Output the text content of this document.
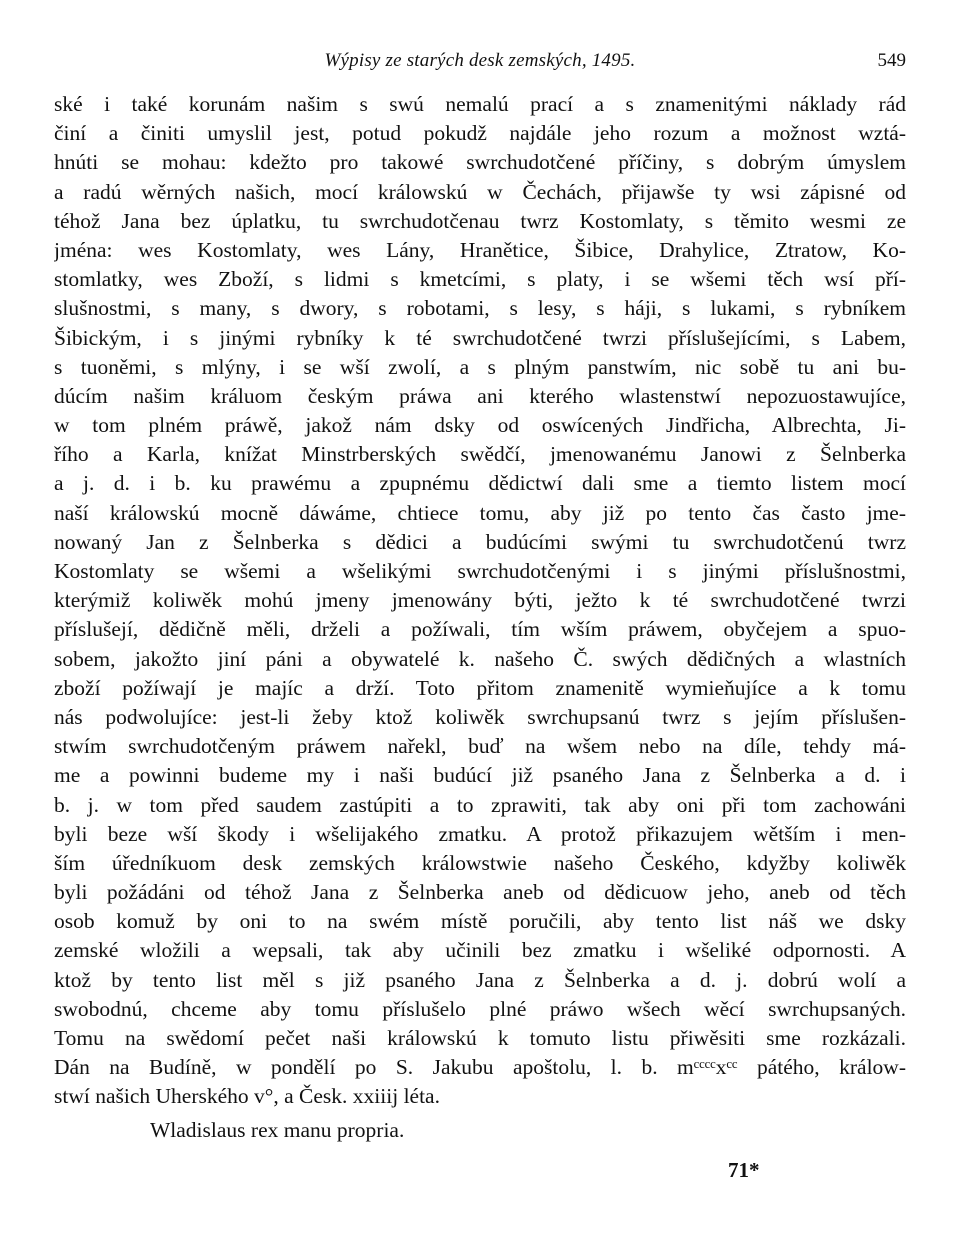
Wýpisy ze starých desk zemských, 1495.	549
ské i také korunám našim s swú nemalú prací a s znamenitými náklady rád
činí a činiti umyslil jest, potud pokudž najdále jeho rozum a možnost wztá-
hnúti se mohau: kdežto pro takowé swrchudotčené příčiny, s dobrým úmyslem
a radú wěrných našich, mocí králowskú w Čechách, přijawše ty wsi zápisné od
téhož Jana bez úplatku, tu swrchudotčenau twrz Kostomlaty, s těmito wesmi ze
jména: wes Kostomlaty, wes Lány, Hranětice, Šibice, Drahylice, Ztratow, Ko-
stomlatky, wes Zboží, s lidmi s kmetcími, s platy, i se wšemi těch wsí pří-
slušnostmi, s many, s dwory, s robotami, s lesy, s háji, s lukami, s rybníkem
Šibickým, i s jinými rybníky k té swrchudotčené twrzi příslušejícími, s Labem,
s tuoněmi, s mlýny, i se wší zwolí, a s plným panstwím, nic sobě tu ani bu-
dúcím našim králuom českým práwa ani kterého wlastenstwí nepozuostawujíce,
w tom plném práwě, jakož nám dsky od oswícených Jindřicha, Albrechta, Ji-
řího a Karla, knížat Minstrberských swědčí, jmenowanému Janowi z Šelnberka
a j. d. i b. ku prawému a zpupnému dědictwí dali sme a tiemto listem mocí
naší králowskú mocně dáwáme, chtiece tomu, aby již po tento čas často jme-
nowaný Jan z Šelnberka s dědici a budúcími swými tu swrchudotčenú twrz
Kostomlaty se wšemi a wšelikými swrchudotčenými i s jinými příslušnostmi,
kterýmiž koliwěk mohú jmeny jmenowány býti, ježto k té swrchudotčené twrzi
příslušejí, dědičně měli, drželi a požíwali, tím wším práwem, obyčejem a spuo-
sobem, jakožto jiní páni a obywatelé k. našeho Č. swých dědičných a wlastních
zboží požíwají je majíc a drží. Toto přitom znamenitě wymieňujíce a k tomu
nás podwolujíce: jest-li žeby ktož koliwěk swrchupsanú twrz s jejím příslušen-
stwím swrchudotčeným práwem nařekl, buď na wšem nebo na díle, tehdy má-
me a powinni budeme my i naši budúcí již psaného Jana z Šelnberka a d. i
b. j. w tom před saudem zastúpiti a to zprawiti, tak aby oni při tom zachowáni
byli beze wší škody i wšelijakého zmatku. A protož přikazujem wětším i men-
ším úředníkuom desk zemských králowstwie našeho Českého, kdyžby koliwěk
byli požádáni od téhož Jana z Šelnberka aneb od dědicuow jeho, aneb od těch
osob komuž by oni to na swém místě poručili, aby tento list náš we dsky
zemské wložili a wepsali, tak aby učinili bez zmatku i wšeliké odpornosti. A
ktož by tento list měl s již psaného Jana z Šelnberka a d. j. dobrú wolí a
swobodnú, chceme aby tomu příslušelo plné práwo wšech wěcí swrchupsaných.
Tomu na swědomí pečet naši králowskú k tomuto listu přiwěsiti sme rozkázali.
Dán na Budíně, w pondělí po S. Jakubu apoštolu, l. b. mᶜᶜᶜᶜxᶜᶜ pátého, králow-
stwí našich Uherského v°, a Česk. xxiiij léta.
Wladislaus rex manu propria.
71*
